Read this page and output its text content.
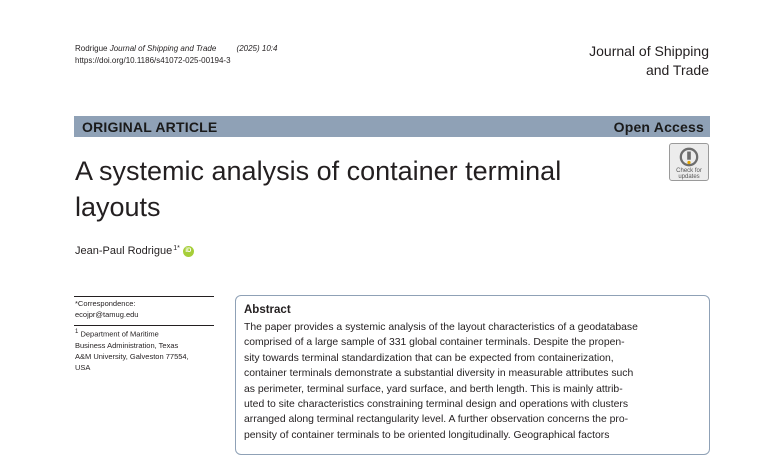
Rodrigue Journal of Shipping and Trade	(2025) 10:4
https://doi.org/10.1186/s41072-025-00194-3
Journal of Shipping
and Trade
ORIGINAL ARTICLE	Open Access
A systemic analysis of container terminal
layouts
Check for updates
Jean-Paul Rodrigue$^{1*}$ iD
*Correspondence:
ecojpr@tamug.edu
$^1$ Department of Maritime
Business Administration, Texas
A&M University, Galveston 77554,
USA
Abstract
The paper provides a systemic analysis of the layout characteristics of a geodatabase
comprised of a large sample of 331 global container terminals. Despite the propen-
sity towards terminal standardization that can be expected from containerization,
container terminals demonstrate a substantial diversity in measurable attributes such
as perimeter, terminal surface, yard surface, and berth length. This is mainly attrib-
uted to site characteristics constraining terminal design and operations with clusters
arranged along terminal rectangularity level. A further observation concerns the pro-
pensity of container terminals to be oriented longitudinally. Geographical factors
